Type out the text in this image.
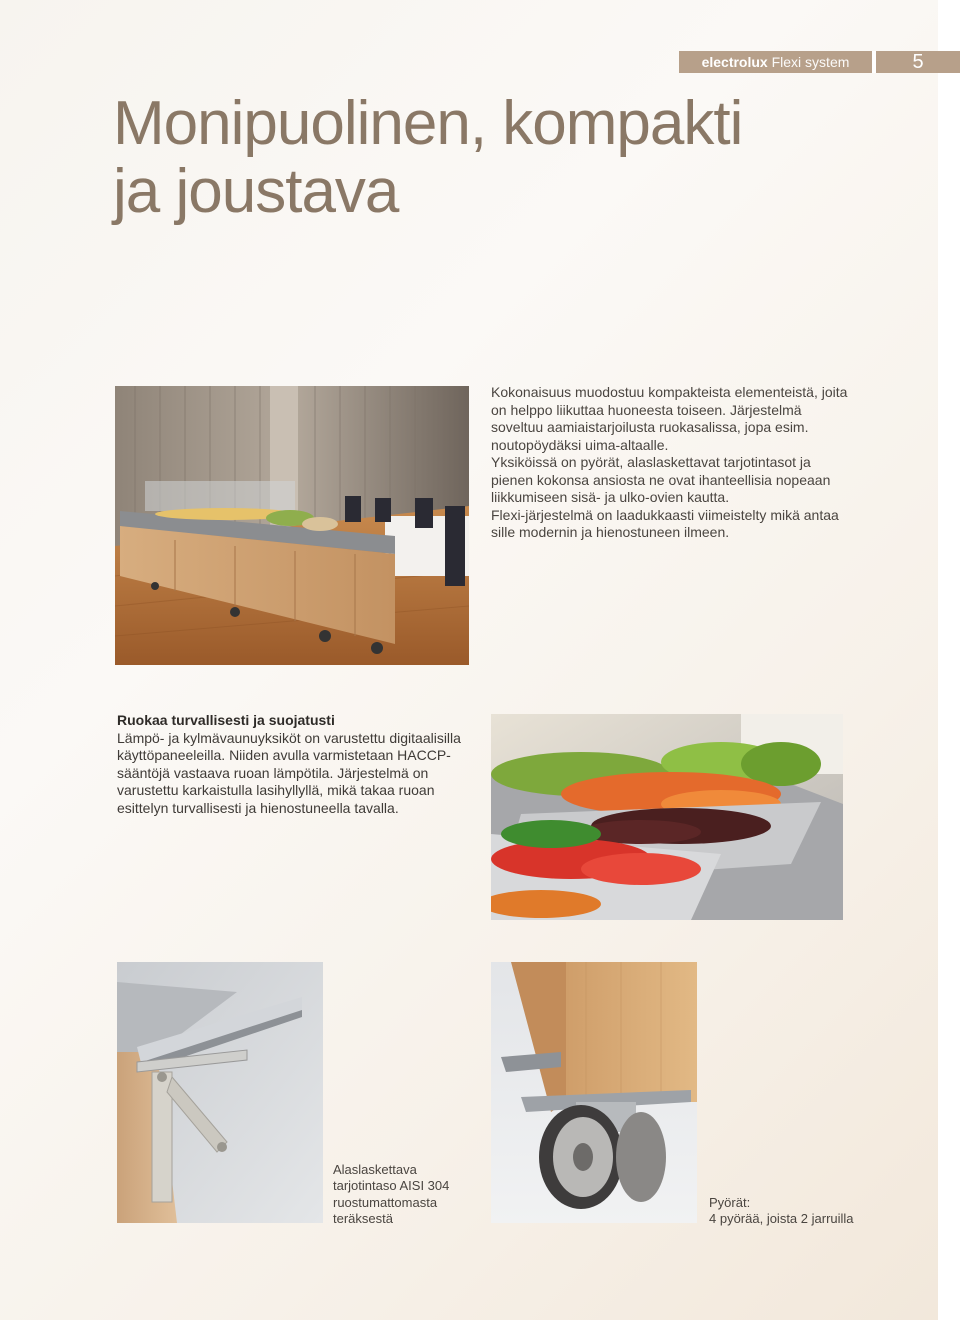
electrolux Flexi system	5
Monipuolinen, kompakti
ja joustava

Kokonaisuus muodostuu kompakteista elementeistä, joita on helppo liikuttaa huoneesta toiseen. Järjestelmä soveltuu aamiaistarjoilusta ruokasalissa, jopa esim. noutopöydäksi uima-altaalle.

Yksiköissä on pyörät, alaslaskettavat tarjotintasot ja pienen kokonsa ansiosta ne ovat ihanteellisia nopeaan liikkumiseen sisä- ja ulko-ovien kautta.

Flexi-järjestelmä on laadukkaasti viimeistelty mikä antaa sille modernin ja hienostuneen ilmeen.

Ruokaa turvallisesti ja suojatusti

Lämpö- ja kylmävaunuyksiköt on varustettu digitaalisilla käyttöpaneeleilla. Niiden avulla varmistetaan HACCP-sääntöjä vastaava ruoan lämpötila. Järjestelmä on varustettu karkaistulla lasihyllyllä, mikä takaa ruoan esittelyn turvallisesti ja hienostuneella tavalla.

Alaslaskettava
tarjotintaso AISI 304
ruostumattomasta
teräksestä
Pyörät:
4 pyörää, joista 2 jarruilla
